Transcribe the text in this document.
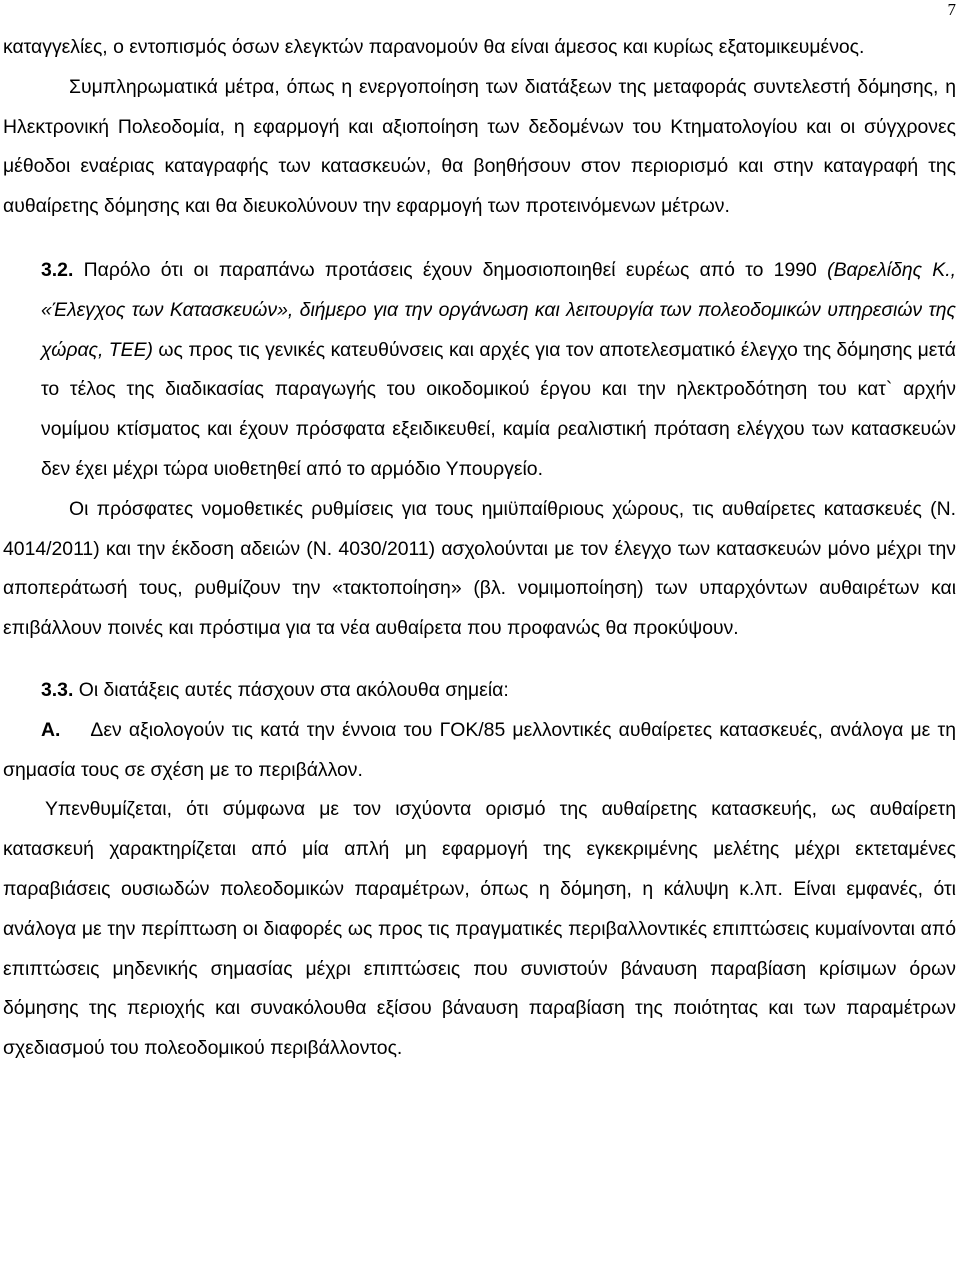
7

καταγγελίες, ο εντοπισμός όσων ελεγκτών παρανομούν θα είναι άμεσος και κυρίως εξατομικευμένος.

Συμπληρωματικά μέτρα, όπως η ενεργοποίηση των διατάξεων της μεταφοράς συντελεστή δόμησης, η Ηλεκτρονική Πολεοδομία, η εφαρμογή και αξιοποίηση των δεδομένων του Κτηματολογίου και οι σύγχρονες μέθοδοι εναέριας καταγραφής των κατασκευών, θα βοηθήσουν στον περιορισμό και στην καταγραφή της αυθαίρετης δόμησης και θα διευκολύνουν την εφαρμογή των προτεινόμενων μέτρων.

3.2. Παρόλο ότι οι παραπάνω προτάσεις έχουν δημοσιοποιηθεί ευρέως από το 1990 (Βαρελίδης Κ., «Έλεγχος των Κατασκευών», διήμερο για την οργάνωση και λειτουργία των πολεοδομικών υπηρεσιών της χώρας, ΤΕΕ) ως προς τις γενικές κατευθύνσεις και αρχές για τον αποτελεσματικό έλεγχο της δόμησης μετά το τέλος της διαδικασίας παραγωγής του οικοδομικού έργου και την ηλεκτροδότηση του κατ` αρχήν νομίμου κτίσματος και έχουν πρόσφατα εξειδικευθεί, καμία ρεαλιστική πρόταση ελέγχου των κατασκευών δεν έχει μέχρι τώρα υιοθετηθεί από το αρμόδιο Υπουργείο.

Οι πρόσφατες νομοθετικές ρυθμίσεις για τους ημιϋπαίθριους χώρους, τις αυθαίρετες κατασκευές (Ν. 4014/2011) και την έκδοση αδειών (Ν. 4030/2011) ασχολούνται με τον έλεγχο των κατασκευών μόνο μέχρι την αποπεράτωσή τους, ρυθμίζουν την «τακτοποίηση» (βλ. νομιμοποίηση) των υπαρχόντων αυθαιρέτων και επιβάλλουν ποινές και πρόστιμα για τα νέα αυθαίρετα που προφανώς θα προκύψουν.

3.3. Οι διατάξεις αυτές πάσχουν στα ακόλουθα σημεία:

Α. Δεν αξιολογούν τις κατά την έννοια του ΓΟΚ/85 μελλοντικές αυθαίρετες κατασκευές, ανάλογα με τη σημασία τους σε σχέση με το περιβάλλον.

Υπενθυμίζεται, ότι σύμφωνα με τον ισχύοντα ορισμό της αυθαίρετης κατασκευής, ως αυθαίρετη κατασκευή χαρακτηρίζεται από μία απλή μη εφαρμογή της εγκεκριμένης μελέτης μέχρι εκτεταμένες παραβιάσεις ουσιωδών πολεοδομικών παραμέτρων, όπως η δόμηση, η κάλυψη κ.λπ. Είναι εμφανές, ότι ανάλογα με την περίπτωση οι διαφορές ως προς τις πραγματικές περιβαλλοντικές επιπτώσεις κυμαίνονται από επιπτώσεις μηδενικής σημασίας μέχρι επιπτώσεις που συνιστούν βάναυση παραβίαση κρίσιμων όρων δόμησης της περιοχής και συνακόλουθα εξίσου βάναυση παραβίαση της ποιότητας και των παραμέτρων σχεδιασμού του πολεοδομικού περιβάλλοντος.
